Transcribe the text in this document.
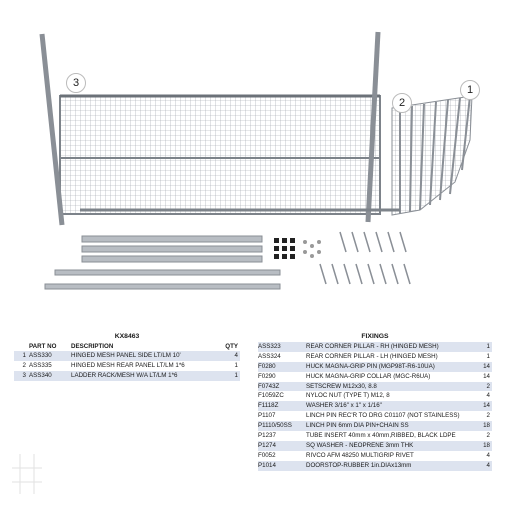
3
2
1
KX8463
PART NO	DESCRIPTION	QTY
1 ASS330	HINGED MESH PANEL SIDE LT/LM 10'	4
2 ASS335	HINGED MESH REAR PANEL LT/LM 1*6	1
3 ASS340	LADDER RACK/MESH W/A LT/LM 1*6	1
FIXINGS
ASS323	REAR CORNER PILLAR - RH (HINGED MESH)	1
ASS324	REAR CORNER PILLAR - LH (HINGED MESH)	1
F0280	HUCK MAGNA-GRIP PIN (MGP98T-R6-10UA)	14
F0290	HUCK MAGNA-GRIP COLLAR (MGC-R6UA)	14
F0743Z	SETSCREW M12x30, 8.8	2
F1059ZC	NYLOC NUT (TYPE T) M12, 8	4
F1118Z	WASHER 3/16" x 1" x 1/16"	14
P1107	LINCH PIN REC'R TO DRG C01107 (NOT STAINLESS)	2
P1110/50SS	LINCH PIN 6mm DIA PIN+CHAIN SS	18
P1237	TUBE INSERT 40mm x 40mm,RIBBED, BLACK LDPE	2
P1274	SQ WASHER - NEOPRENE 3mm THK	18
F0052	RIVCO AFM 48250 MULTIGRIP RIVET	4
P1014	DOORSTOP-RUBBER 1in.DIAx13mm	4
